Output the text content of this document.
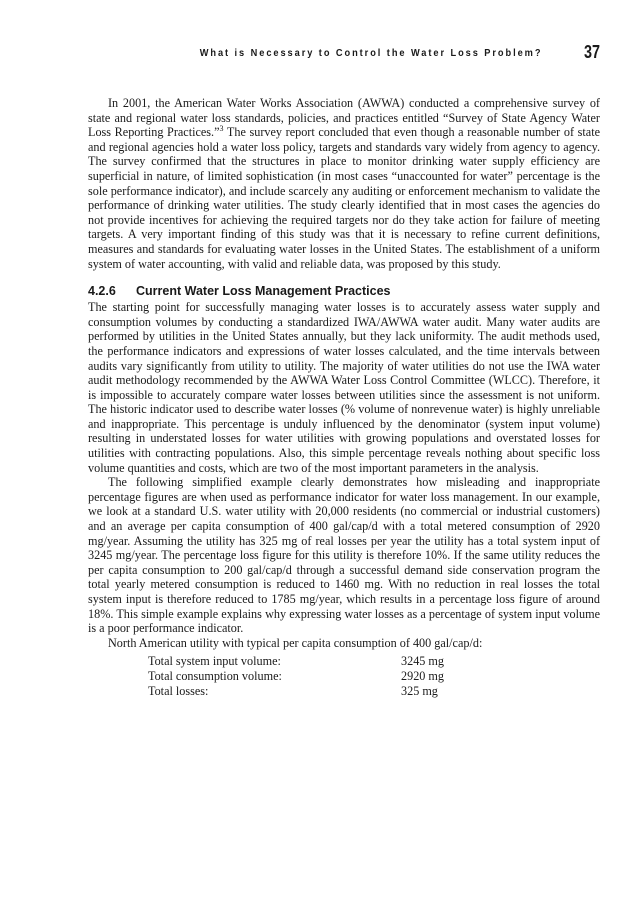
What is Necessary to Control the Water Loss Problem? 37

In 2001, the American Water Works Association (AWWA) conducted a comprehensive survey of state and regional water loss standards, policies, and practices entitled “Survey of State Agency Water Loss Reporting Practices.”$^3$ The survey report concluded that even though a reasonable number of state and regional agencies hold a water loss policy, targets and standards vary widely from agency to agency. The survey confirmed that the structures in place to monitor drinking water supply efficiency are superficial in nature, of limited sophistication (in most cases “unaccounted for water” percentage is the sole performance indicator), and include scarcely any auditing or enforcement mechanism to validate the performance of drinking water utilities. The study clearly identified that in most cases the agencies do not provide incentives for achieving the required targets nor do they take action for failure of meeting targets. A very important finding of this study was that it is necessary to refine current definitions, measures and standards for evaluating water losses in the United States. The establishment of a uniform system of water accounting, with valid and reliable data, was proposed by this study.

4.2.6 Current Water Loss Management Practices

The starting point for successfully managing water losses is to accurately assess water supply and consumption volumes by conducting a standardized IWA/AWWA water audit. Many water audits are performed by utilities in the United States annually, but they lack uniformity. The audit methods used, the performance indicators and expressions of water losses calculated, and the time intervals between audits vary significantly from utility to utility. The majority of water utilities do not use the IWA water audit methodology recommended by the AWWA Water Loss Control Committee (WLCC). Therefore, it is impossible to accurately compare water losses between utilities since the assessment is not uniform. The historic indicator used to describe water losses (% volume of nonrevenue water) is highly unreliable and inappropriate. This percentage is unduly influenced by the denominator (system input volume) resulting in understated losses for water utilities with growing populations and overstated losses for utilities with contracting populations. Also, this simple percentage reveals nothing about specific loss volume quantities and costs, which are two of the most important parameters in the analysis.

The following simplified example clearly demonstrates how misleading and inappropriate percentage figures are when used as performance indicator for water loss management. In our example, we look at a standard U.S. water utility with 20,000 residents (no commercial or industrial customers) and an average per capita consumption of 400 gal/cap/d with a total metered consumption of 2920 mg/year. Assuming the utility has 325 mg of real losses per year the utility has a total system input of 3245 mg/year. The percentage loss figure for this utility is therefore 10%. If the same utility reduces the per capita consumption to 200 gal/cap/d through a successful demand side conservation program the total yearly metered consumption is reduced to 1460 mg. With no reduction in real losses the total system input is therefore reduced to 1785 mg/year, which results in a percentage loss figure of around 18%. This simple example explains why expressing water losses as a percentage of system input volume is a poor performance indicator.

North American utility with typical per capita consumption of 400 gal/cap/d:

Total system input volume:	3245 mg
Total consumption volume:	2920 mg
Total losses:	325 mg
